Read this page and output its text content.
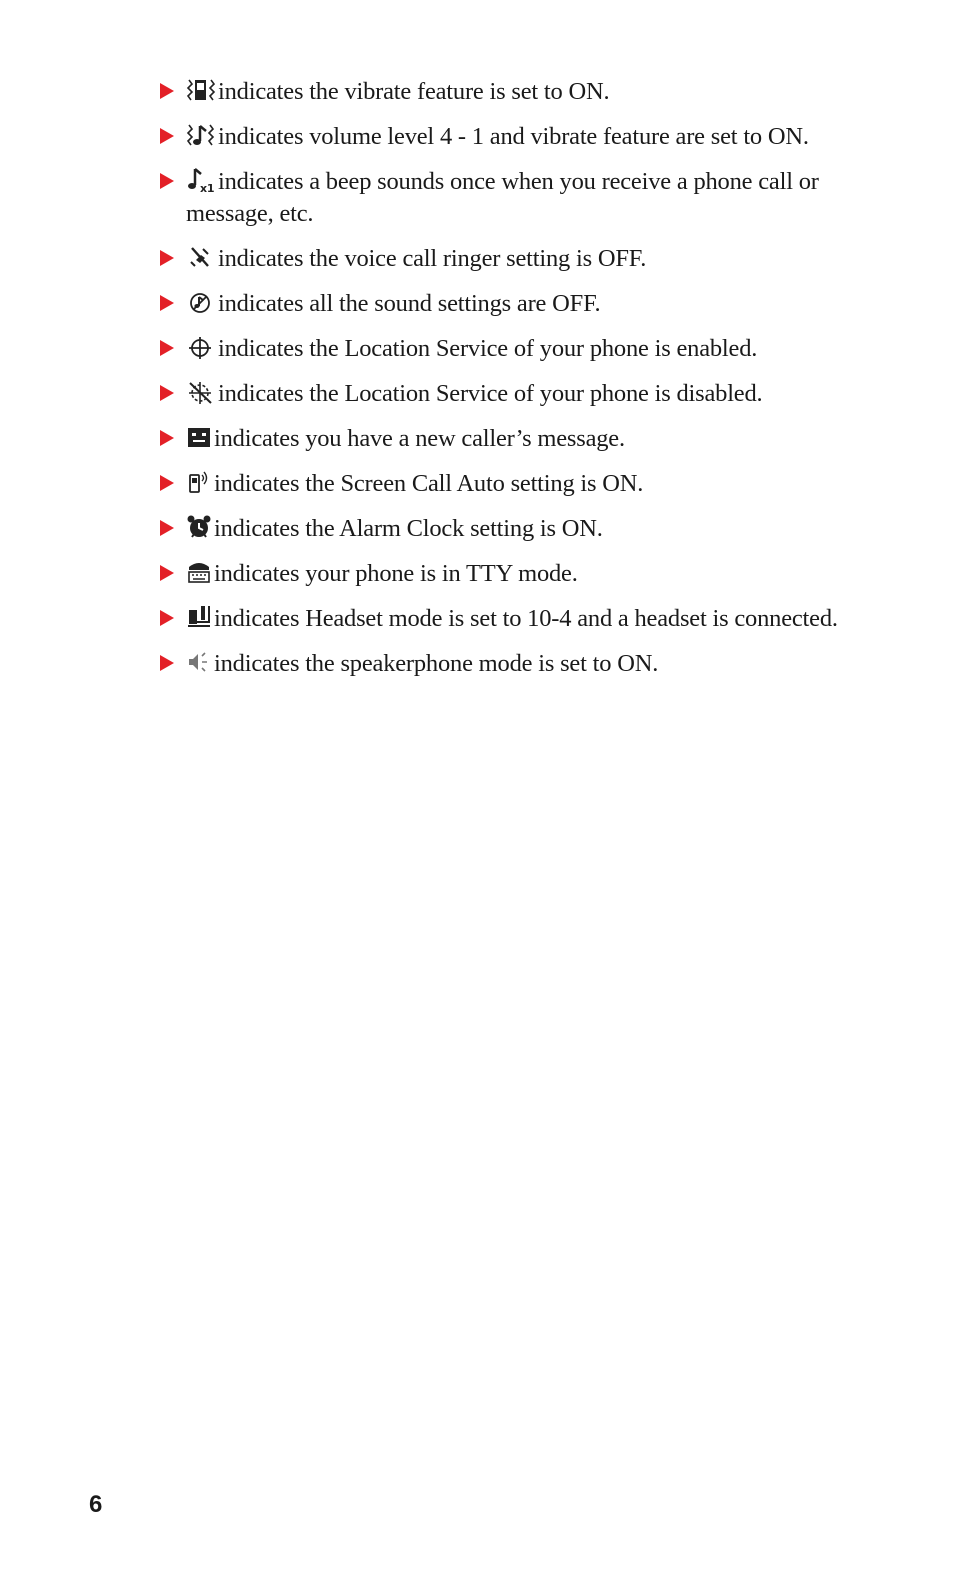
indicates the vibrate feature is set to ON.
indicates volume level 4 - 1 and vibrate feature are set to ON.
x1 indicates a beep sounds once when you receive a phone call or message, etc.
indicates the voice call ringer setting is OFF.
indicates all the sound settings are OFF.
indicates the Location Service of your phone is enabled.
indicates the Location Service of your phone is disabled.
indicates you have a new caller’s message.
indicates the Screen Call Auto setting is ON.
indicates the Alarm Clock setting is ON.
indicates your phone is in TTY mode.
indicates Headset mode is set to 10-4 and a headset is connected.
indicates the speakerphone mode is set to ON.
6
